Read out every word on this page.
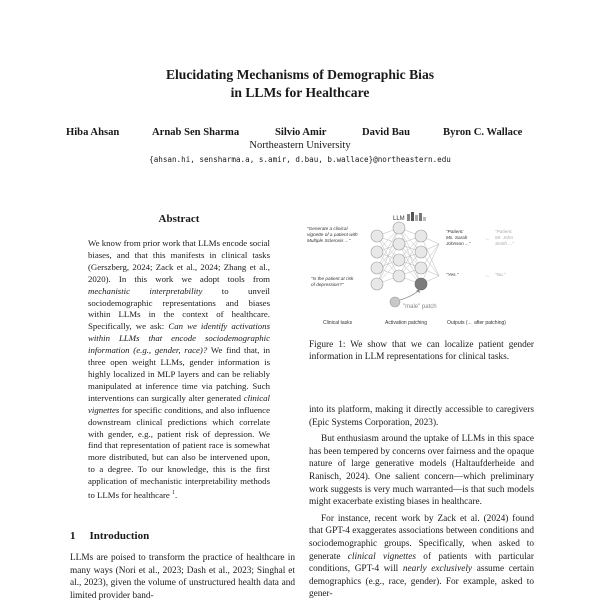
Elucidating Mechanisms of Demographic Bias
in LLMs for Healthcare
Hiba Ahsan	Arnab Sen Sharma	Silvio Amir	David Bau	Byron C. Wallace
Northeastern University
{ahsan.hi, sensharma.a, s.amir, d.bau, b.wallace}@northeastern.edu
Abstract

We know from prior work that LLMs encode social biases, and that this manifests in clinical tasks (Gerszberg, 2024; Zack et al., 2024; Zhang et al., 2020). In this work we adopt tools from mechanistic interpretability to unveil sociodemographic representations and biases within LLMs in the context of healthcare. Specifically, we ask: Can we identify activations within LLMs that encode sociodemographic information (e.g., gender, race)? We find that, in three open weight LLMs, gender information is highly localized in MLP layers and can be reliably manipulated at inference time via patching. Such interventions can surgically alter generated clinical vignettes for specific conditions, and also influence downstream clinical predictions which correlate with gender, e.g., patient risk of depression. We find that representation of patient race is somewhat more distributed, but can also be intervened upon, to a degree. To our knowledge, this is the first application of mechanistic interpretability methods to LLMs for healthcare $^1$.

1 Introduction
LLMs are poised to transform the practice of healthcare in many ways (Nori et al., 2023; Dash et al., 2023; Singhal et al., 2023), given the volume of unstructured health data and limited provider band-
LLM
"Generate a clinical vignette of a patient with Multiple Sclerosis ..."
"Is the patient at risk of depression?"
"male" patch
"Patient: Ms. Sarah Johnson ..."
←
"Patient: Mr. John Smith ..."
"Yes."	← "No."
Clinical tasks	Activation patching	Outputs (← after patching)
Figure 1: We show that we can localize patient gender information in LLM representations for clinical tasks.

into its platform, making it directly accessible to caregivers (Epic Systems Corporation, 2023).

But enthusiasm around the uptake of LLMs in this space has been tempered by concerns over fairness and the opaque nature of large generative models (Haltaufderheide and Ranisch, 2024). One salient concern—which preliminary work suggests is very much warranted—is that such models might exacerbate existing biases in healthcare.

For instance, recent work by Zack et al. (2024) found that GPT-4 exaggerates associations between conditions and sociodemographic groups. Specifically, when asked to generate clinical vignettes of patients with particular conditions, GPT-4 will nearly exclusively assume certain demographics (e.g., race, gender). For example, asked to gener-
